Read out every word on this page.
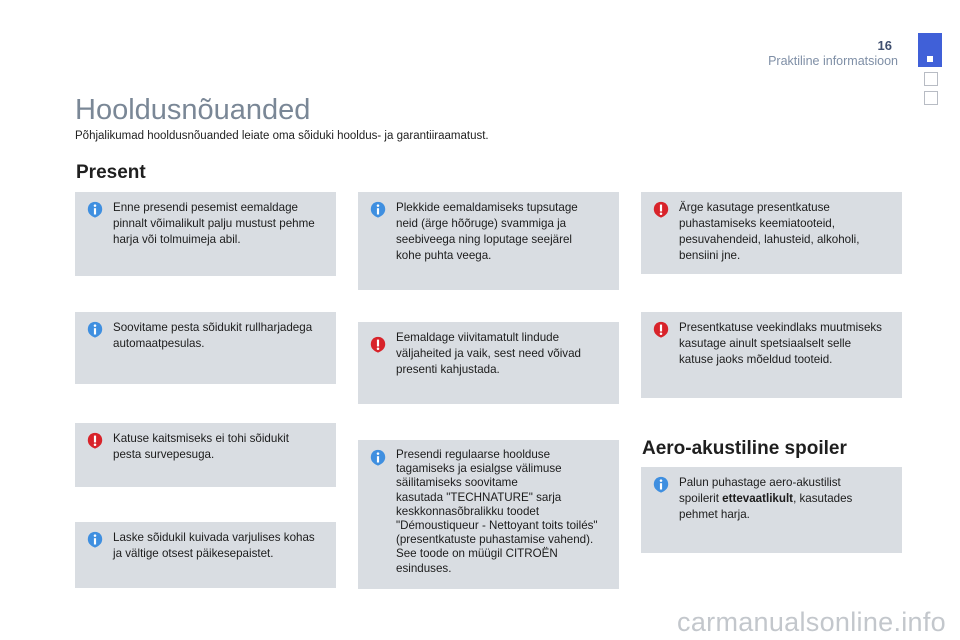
16
Praktiline informatsioon
Hooldusnõuanded
Põhjalikumad hooldusnõuanded leiate oma sõiduki hooldus- ja garantiiraamatust.
Present
Aero-akustiline spoiler

Enne presendi pesemist eemaldage
pinnalt võimalikult palju mustust pehme
harja või tolmuimeja abil.

Soovitame pesta sõidukit rullharjadega
automaatpesulas.

Katuse kaitsmiseks ei tohi sõidukit
pesta survepesuga.

Laske sõidukil kuivada varjulises kohas
ja vältige otsest päikesepaistet.

Plekkide eemaldamiseks tupsutage
neid (ärge hõõruge) svammiga ja
seebiveega ning loputage seejärel
kohe puhta veega.

Eemaldage viivitamatult lindude
väljaheited ja vaik, sest need võivad
presenti kahjustada.

Presendi regulaarse hoolduse
tagamiseks ja esialgse välimuse
säilitamiseks soovitame
kasutada "TECHNATURE" sarja
keskkonnasõbralikku toodet
"Démoustiqueur - Nettoyant toits toilés"
(presentkatuste puhastamise vahend).
See toode on müügil CITROËN
esinduses.

Ärge kasutage presentkatuse
puhastamiseks keemiatooteid,
pesuvahendeid, lahusteid, alkoholi,
bensiini jne.

Presentkatuse veekindlaks muutmiseks
kasutage ainult spetsiaalselt selle
katuse jaoks mõeldud tooteid.

Palun puhastage aero-akustilist
spoilerit ettevaatlikult, kasutades
pehmet harja.

carmanualsonline.info
